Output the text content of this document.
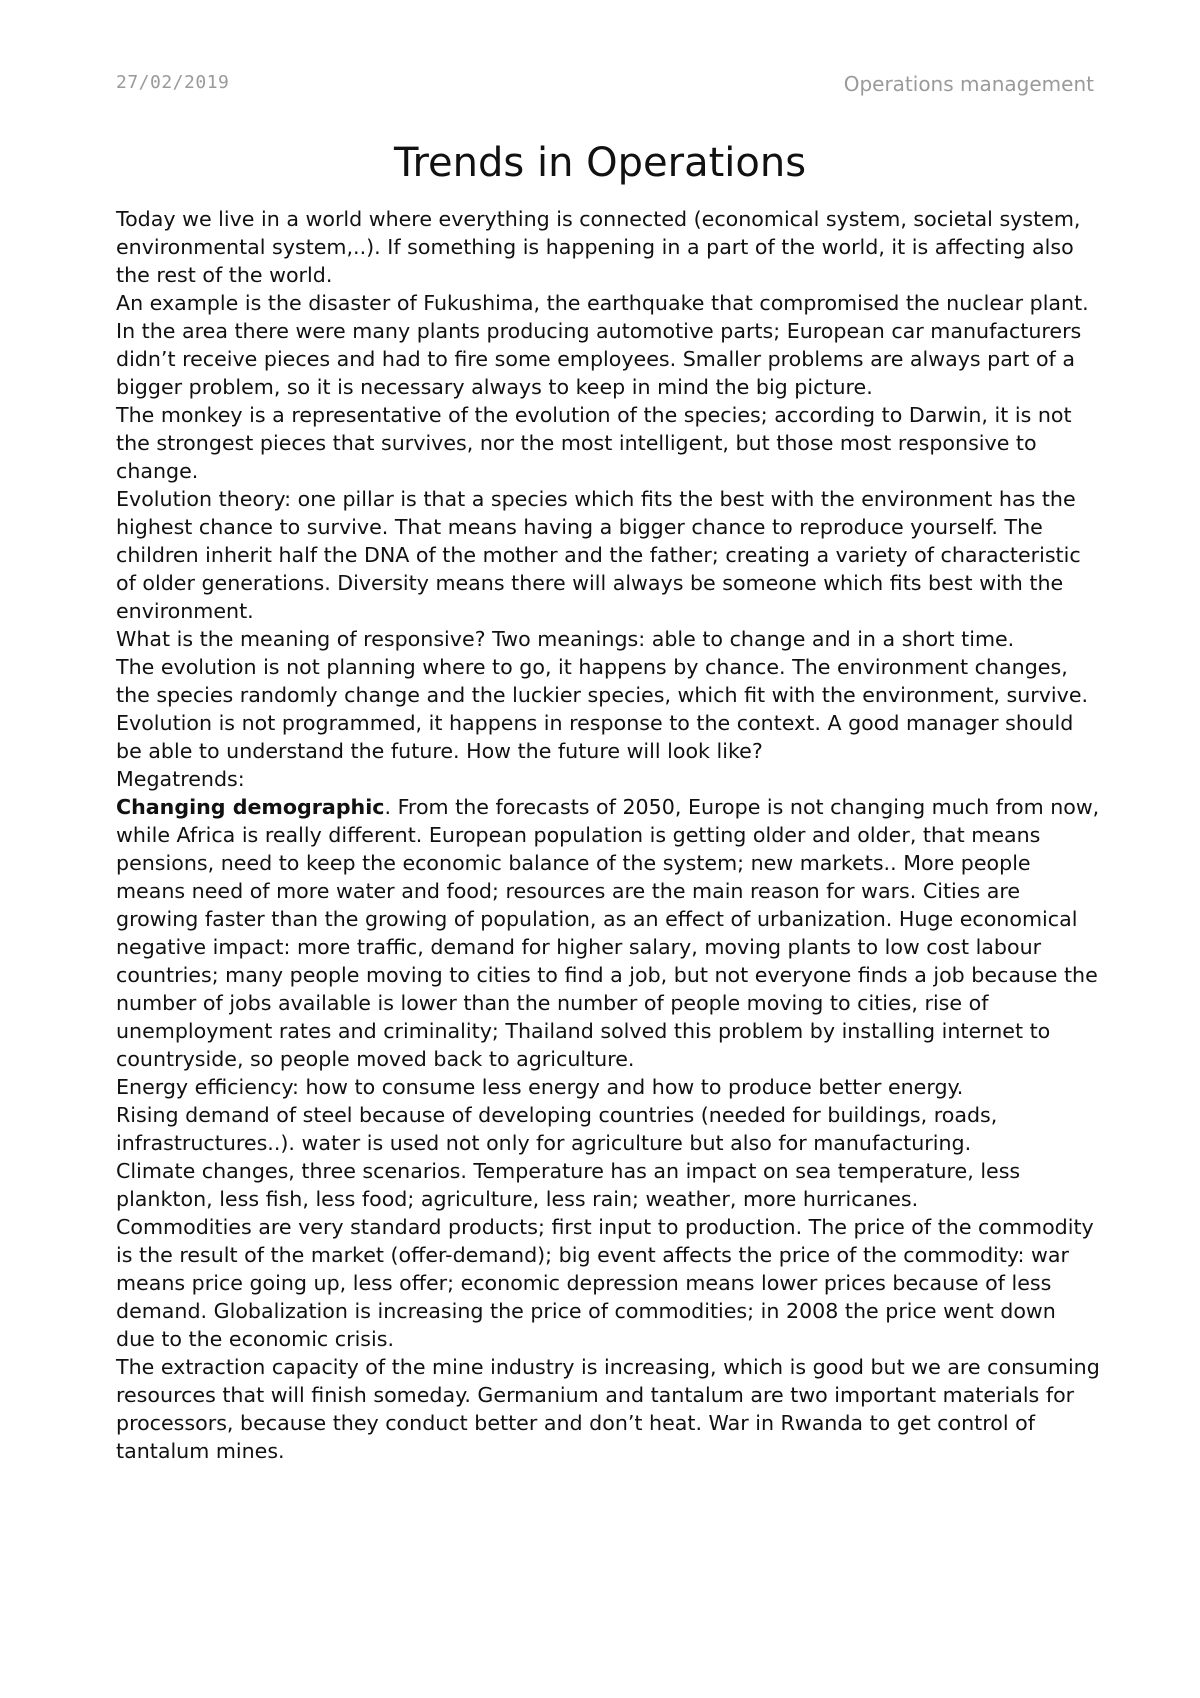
27/02/2019	Operations management
Trends in Operations

Today we live in a world where everything is connected (economical system, societal system, environmental system,..). If something is happening in a part of the world, it is affecting also the rest of the world.

An example is the disaster of Fukushima, the earthquake that compromised the nuclear plant. In the area there were many plants producing automotive parts; European car manufacturers didn’t receive pieces and had to fire some employees. Smaller problems are always part of a bigger problem, so it is necessary always to keep in mind the big picture.

The monkey is a representative of the evolution of the species; according to Darwin, it is not the strongest pieces that survives, nor the most intelligent, but those most responsive to change.

Evolution theory: one pillar is that a species which fits the best with the environment has the highest chance to survive. That means having a bigger chance to reproduce yourself. The children inherit half the DNA of the mother and the father; creating a variety of characteristic of older generations. Diversity means there will always be someone which fits best with the environment.

What is the meaning of responsive? Two meanings: able to change and in a short time.

The evolution is not planning where to go, it happens by chance. The environment changes, the species randomly change and the luckier species, which fit with the environment, survive.

Evolution is not programmed, it happens in response to the context. A good manager should be able to understand the future. How the future will look like?

Megatrends:

Changing demographic. From the forecasts of 2050, Europe is not changing much from now, while Africa is really different. European population is getting older and older, that means pensions, need to keep the economic balance of the system; new markets.. More people means need of more water and food; resources are the main reason for wars. Cities are growing faster than the growing of population, as an effect of urbanization. Huge economical negative impact: more traffic, demand for higher salary, moving plants to low cost labour countries; many people moving to cities to find a job, but not everyone finds a job because the number of jobs available is lower than the number of people moving to cities, rise of unemployment rates and criminality; Thailand solved this problem by installing internet to countryside, so people moved back to agriculture.

Energy efficiency: how to consume less energy and how to produce better energy.

Rising demand of steel because of developing countries (needed for buildings, roads, infrastructures..). water is used not only for agriculture but also for manufacturing.

Climate changes, three scenarios. Temperature has an impact on sea temperature, less plankton, less fish, less food; agriculture, less rain; weather, more hurricanes.

Commodities are very standard products; first input to production. The price of the commodity is the result of the market (offer-demand); big event affects the price of the commodity: war means price going up, less offer; economic depression means lower prices because of less demand. Globalization is increasing the price of commodities; in 2008 the price went down due to the economic crisis.

The extraction capacity of the mine industry is increasing, which is good but we are consuming resources that will finish someday. Germanium and tantalum are two important materials for processors, because they conduct better and don’t heat. War in Rwanda to get control of tantalum mines.
